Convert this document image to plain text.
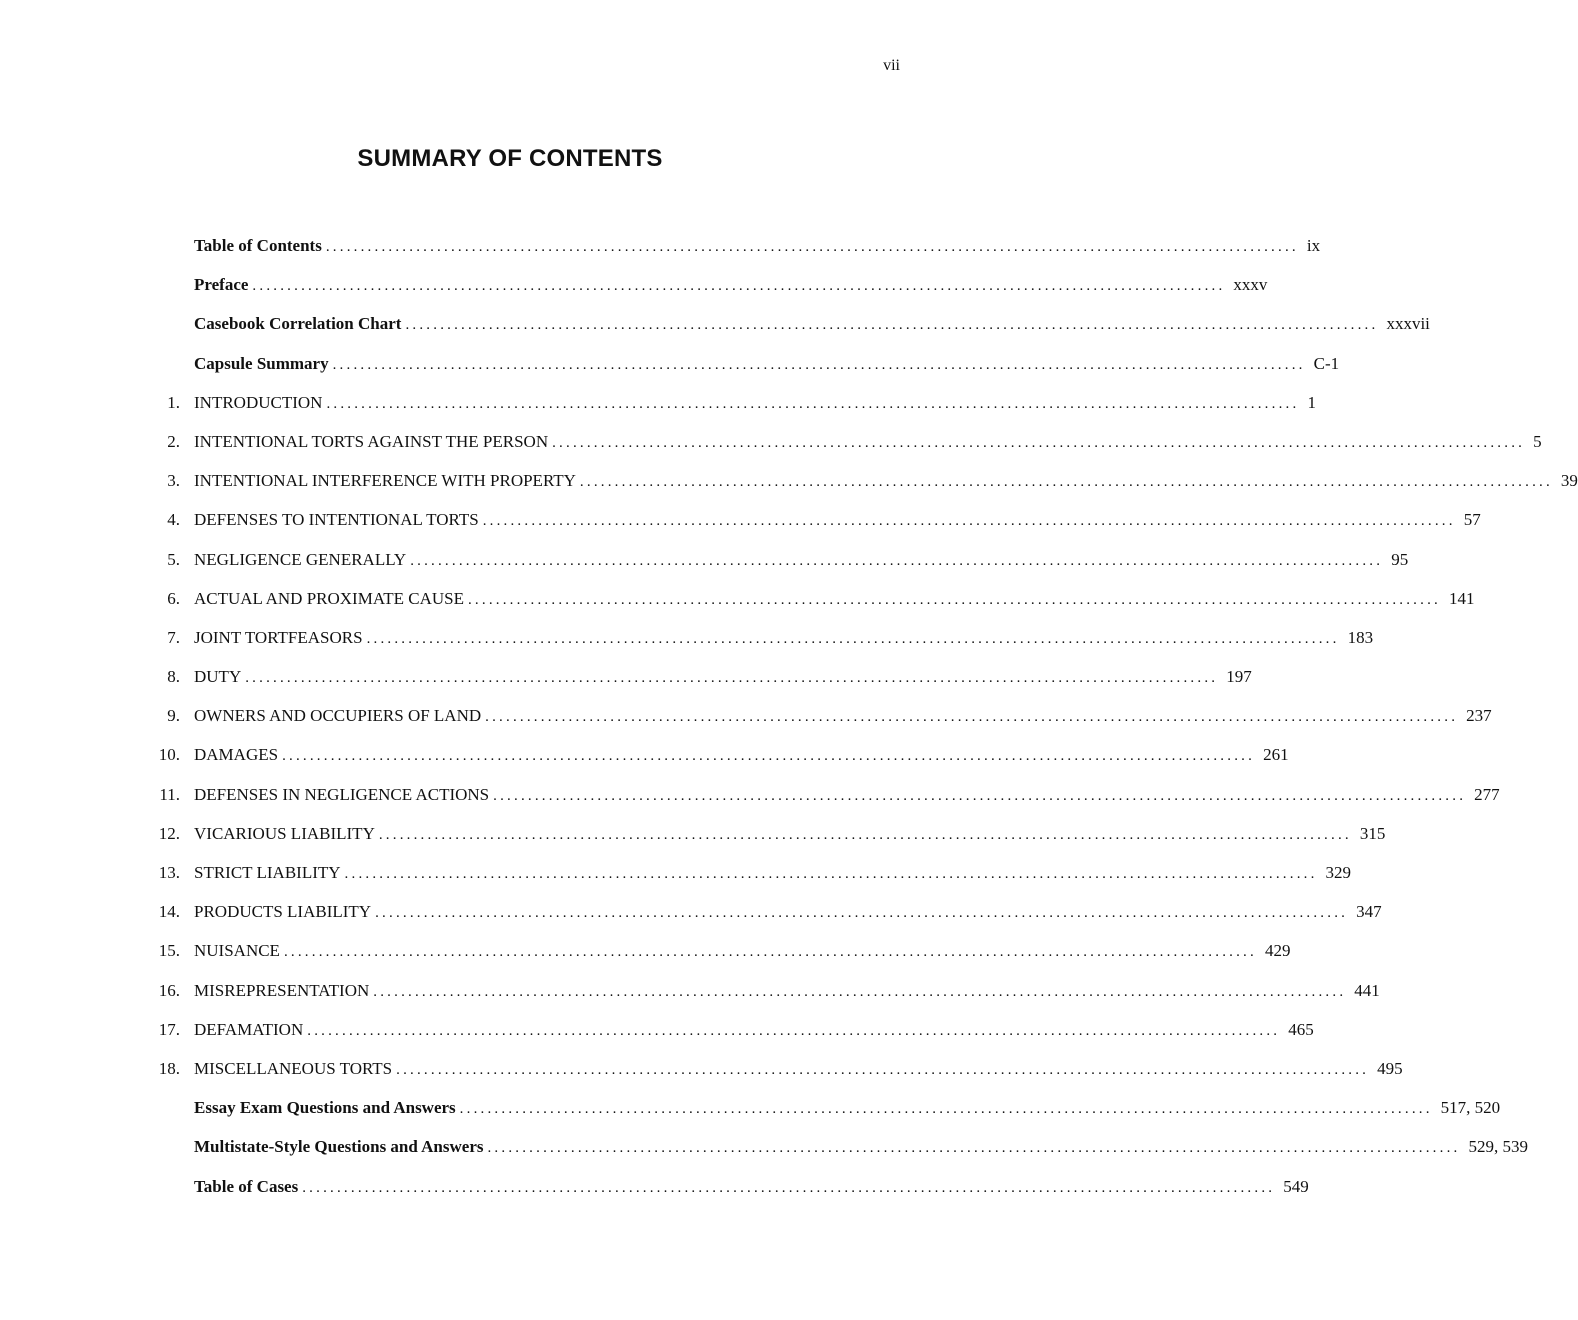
vii
SUMMARY OF CONTENTS
Table of Contents ............................................................................................................................................ ix
Preface ............................................................................................................................................ xxxv
Casebook Correlation Chart ............................................................................................................................................ xxxvii
Capsule Summary ............................................................................................................................................ C-1
1. INTRODUCTION ............................................................................................................................................ 1
2. INTENTIONAL TORTS AGAINST THE PERSON ............................................................................................................................................ 5
3. INTENTIONAL INTERFERENCE WITH PROPERTY ............................................................................................................................................ 39
4. DEFENSES TO INTENTIONAL TORTS ............................................................................................................................................ 57
5. NEGLIGENCE GENERALLY ............................................................................................................................................ 95
6. ACTUAL AND PROXIMATE CAUSE ............................................................................................................................................ 141
7. JOINT TORTFEASORS ............................................................................................................................................ 183
8. DUTY ............................................................................................................................................ 197
9. OWNERS AND OCCUPIERS OF LAND ............................................................................................................................................ 237
10. DAMAGES ............................................................................................................................................ 261
11. DEFENSES IN NEGLIGENCE ACTIONS ............................................................................................................................................ 277
12. VICARIOUS LIABILITY ............................................................................................................................................ 315
13. STRICT LIABILITY ............................................................................................................................................ 329
14. PRODUCTS LIABILITY ............................................................................................................................................ 347
15. NUISANCE ............................................................................................................................................ 429
16. MISREPRESENTATION ............................................................................................................................................ 441
17. DEFAMATION ............................................................................................................................................ 465
18. MISCELLANEOUS TORTS ............................................................................................................................................ 495
Essay Exam Questions and Answers ............................................................................................................................................ 517, 520
Multistate-Style Questions and Answers ............................................................................................................................................ 529, 539
Table of Cases ............................................................................................................................................ 549
